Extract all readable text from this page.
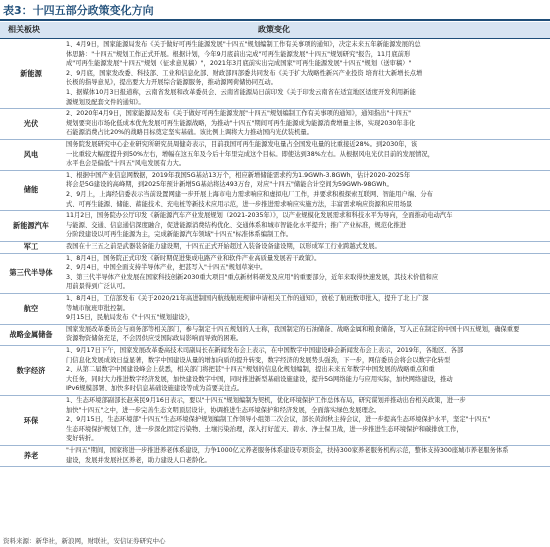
表3：十四五部分政策变化方向
相关板块	政策变化
新能源
1、4月9日，国家能源局发布《关于做好可再生能源发展"十四五"规划编制工作有关事项的通知》，决定未来五年新能源发展的总
体思路："十四五"规划工作正式开展。根据计划，今年9月底前出完成"可再生能源发展"十四五"规划研究"报告，11月底前形
成"可再生能源发展"十四五"规划（征求意见稿）"，2021年3月底前实出完成国家"可再生能源发展"十四五"规划（送审稿）"
2、9月底，国家发改委、科技部、工业和信息化部、财政部四部委共同发布《关于扩大战略性新兴产业投资 培育壮大新增长点增
长极的指导意见》，提出要大力开展综合能源服务，推动源网荷储协同互动。
1、据媒体10月3日报道称，云南省发展和改革委员会、云南省能源局日前印发《关于印发云南省在适宜地区适度开发利用新能
源规划及配套文件的通知》。
光伏
2、2020年4月9日，国家能源局发布《关于做好可再生能源发展"十四五"规划编制工作有关事项的通知》，通知指出"十四五"
规划要突出市场化低成本优先发展可再生能源战略，为推动"十四五"期间可再生能源成为能源消费增量主体，实现2030年非化
石能源消费占比20%的战略目标奠定坚实基础。该比例上调将大力推动国内光伏装机量。
风电
国务院发展研究中心企业研究所研究员周健奇表示，目前我国可再生能源发电量占全国发电量的比重接近28%。到2030年，该
一比重较大幅度提升到50%左右，增幅在这五年及今后十年里完成这个目标。即使达到38%左右。从根据风电光伏目前的发展情况，
水平也会是偏低"十四五"风电发展有力大。
储能
1、根据中国产业信息网数据，2019年我国5G基站13万个，相应新增储能需求约为1.9GWh-3.8GWh，估计2020-2025年
将会是5G建设的高峰期，到2025年预计新增5G基站将达493万台，对应"十四五"储能合计空间为59GWh-98GWh。
2、9月上，上海经信委表示当前设置网建一步开展上海市电力需求响应和虚拟电厂工作，并要求积极探索互联网、智能用户端、分布
式、可再生能源、储能、蓄能技术、充电桩等新技术应用示范，进一步推进需求响应实施方法，丰富需求响应资源和应用场景
新能源汽车
11月2日，国务院办公厅印发《新能源汽车产业发展规划（2021-2035年）》，以产业规模化发展需求和科技水平为导向，全面推动电动汽车
与能源、交通、信息通信深度融合，促进能源消费结构优化、交通体系和城市智能化水平提升；推广产业标准，规范化推进
分阶段建设以可再生能源为主，完成新能源汽车领域"十四五"标准体系编制工作。
军工	我国在十三五之前是武器装备能力建设期，十四五正式开始超过入装备设备建设期，以形成军工行业跨越式发展。
第三代半导体
1、8月4日，国务院正式印发《新时期促进集成电路产业和软件产业高质量发展若干政策》。
2、9月4日，中国全面支持半导体产业，把甚写入"十四五"规划草案中。
3、第三代半导体产业发展在国家科技创新2030重大项目"重点新材料研发及应用"的重要部分，近年来取得快速发展，其技术价值和应
用前景得到广泛认可。
航空
1、8月4日，工信部发布《关于2020/21年高进制国内航线航班规律申请相关工作的通知》，放松了航班数审批入，提升了北上广深
等城市航班审批控制。
9月15日，民航局发布《"十四五"规划建设》，
战略金属储备
国家发展改革委员会与商务部等相关部门，参与制定十四五规划的人士称，我国制定的石油储备、战略金属和粮食储备，写入正在制定的中国十四五规划，确保重要
资源物资储备充足，不会因供应受国际政局影响而导致的困难。
数字经济
1、9月17日下午，国家发展改革委高技术司副局长在新闻发布会上表示，在中国数字中国建设峰会新闻发布会上表示，2019年，各地区、各部
门信息化发展成效日益显著，数字中国建设从量的增加向质的提升转变，数字经济的发展势头强劲，下一步，网信委员会将会以数字化转型
2、从第二届数字中国建设峰会上获悉，相关部门将把甚"十四五"规划的信息化规划编制，提出未来五年数字中国发展的战略重点和重
大任务，同时大力推进数字经济发展，加快建设数字中国，同时推进新型基础设施建设，提升5G网络能力与应用实际，加快网络建设，推动
IPv6规模部署、加快多时信息基础设施建设等成为首要关注点。
环保
1、生态环境部副部长赵英民9月16日表示，要以"十四五"规划编制为契机，优化环境保护工作总体布局，研究谋划并推动出台相关政策，进一步
加快"十四五"之中，进一步完善生态文明顶层设计，协调推进生态环境保护和经济发展，全面落实绿色发展理念。
2、9月15日，生态环境部"十四五"生态环境保护规划编制工作领导小组第二次会议，部长黄润秋主持会议，进一步提高生态环境保护水平，坚定"十四五"
生态环境保护规划工作，进一步深化固定污染物、土壤污染治理，深入打好蓝天、碧水、净土保卫战，进一步推进生态环境保护和碳排放工作，
变好转折。
养老
"十四五"期间，国家将进一步推进养老体系建设，力争1000亿元养老服务体系建设专项资金，扶持300家养老服务机构示范，整体支持300座城市养老服务体系
建设，发展并发展社区养老，助力建设人口老龄化。
资料来源：新华社，新浪网，财联社，安信证券研究中心
